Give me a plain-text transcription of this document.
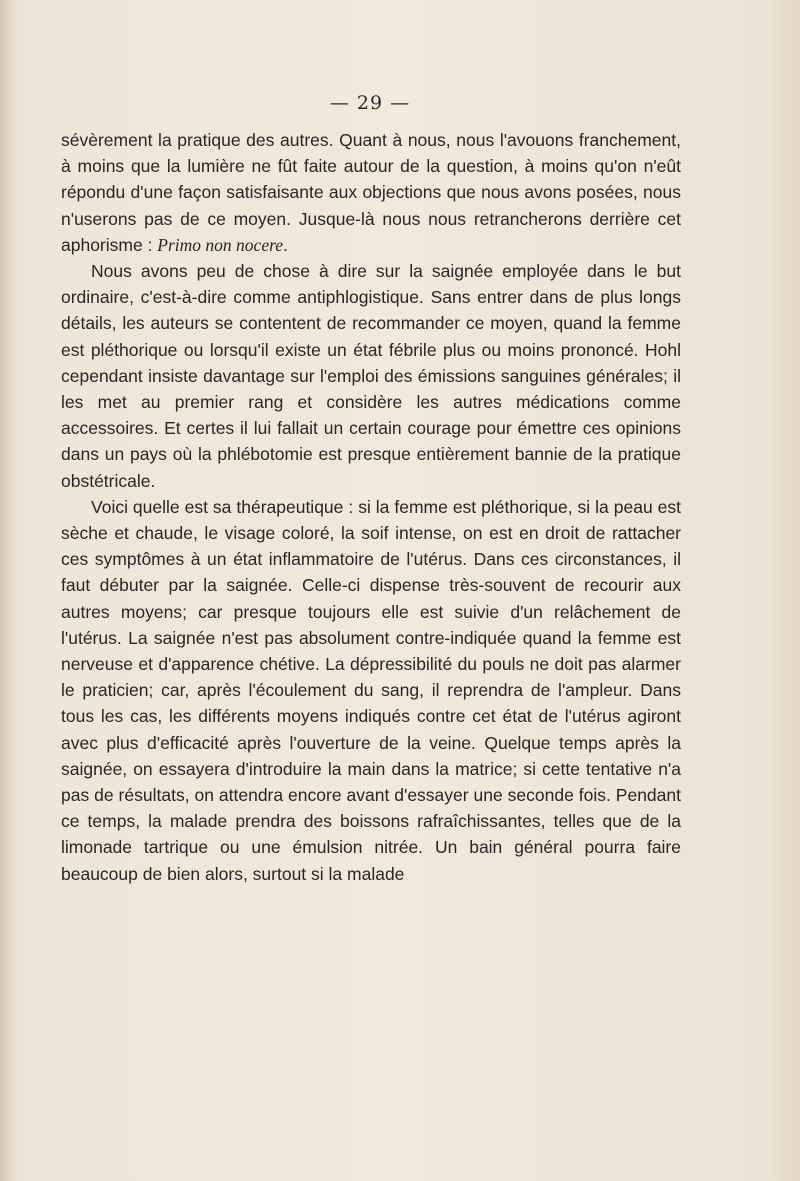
— 29 —

sévèrement la pratique des autres. Quant à nous, nous l'avouons franchement, à moins que la lumière ne fût faite autour de la question, à moins qu'on n'eût répondu d'une façon satisfaisante aux objections que nous avons posées, nous n'userons pas de ce moyen. Jusque-là nous nous retrancherons derrière cet aphorisme : Primo non nocere.

Nous avons peu de chose à dire sur la saignée employée dans le but ordinaire, c'est-à-dire comme antiphlogistique. Sans entrer dans de plus longs détails, les auteurs se contentent de recommander ce moyen, quand la femme est pléthorique ou lorsqu'il existe un état fébrile plus ou moins prononcé. Hohl cependant insiste davantage sur l'emploi des émissions sanguines générales; il les met au premier rang et considère les autres médications comme accessoires. Et certes il lui fallait un certain courage pour émettre ces opinions dans un pays où la phlébotomie est presque entièrement bannie de la pratique obstétricale.

Voici quelle est sa thérapeutique : si la femme est pléthorique, si la peau est sèche et chaude, le visage coloré, la soif intense, on est en droit de rattacher ces symptômes à un état inflammatoire de l'utérus. Dans ces circonstances, il faut débuter par la saignée. Celle-ci dispense très-souvent de recourir aux autres moyens; car presque toujours elle est suivie d'un relâchement de l'utérus. La saignée n'est pas absolument contre-indiquée quand la femme est nerveuse et d'apparence chétive. La dépressibilité du pouls ne doit pas alarmer le praticien; car, après l'écoulement du sang, il reprendra de l'ampleur. Dans tous les cas, les différents moyens indiqués contre cet état de l'utérus agiront avec plus d'efficacité après l'ouverture de la veine. Quelque temps après la saignée, on essayera d'introduire la main dans la matrice; si cette tentative n'a pas de résultats, on attendra encore avant d'essayer une seconde fois. Pendant ce temps, la malade prendra des boissons rafraîchissantes, telles que de la limonade tartrique ou une émulsion nitrée. Un bain général pourra faire beaucoup de bien alors, surtout si la malade
